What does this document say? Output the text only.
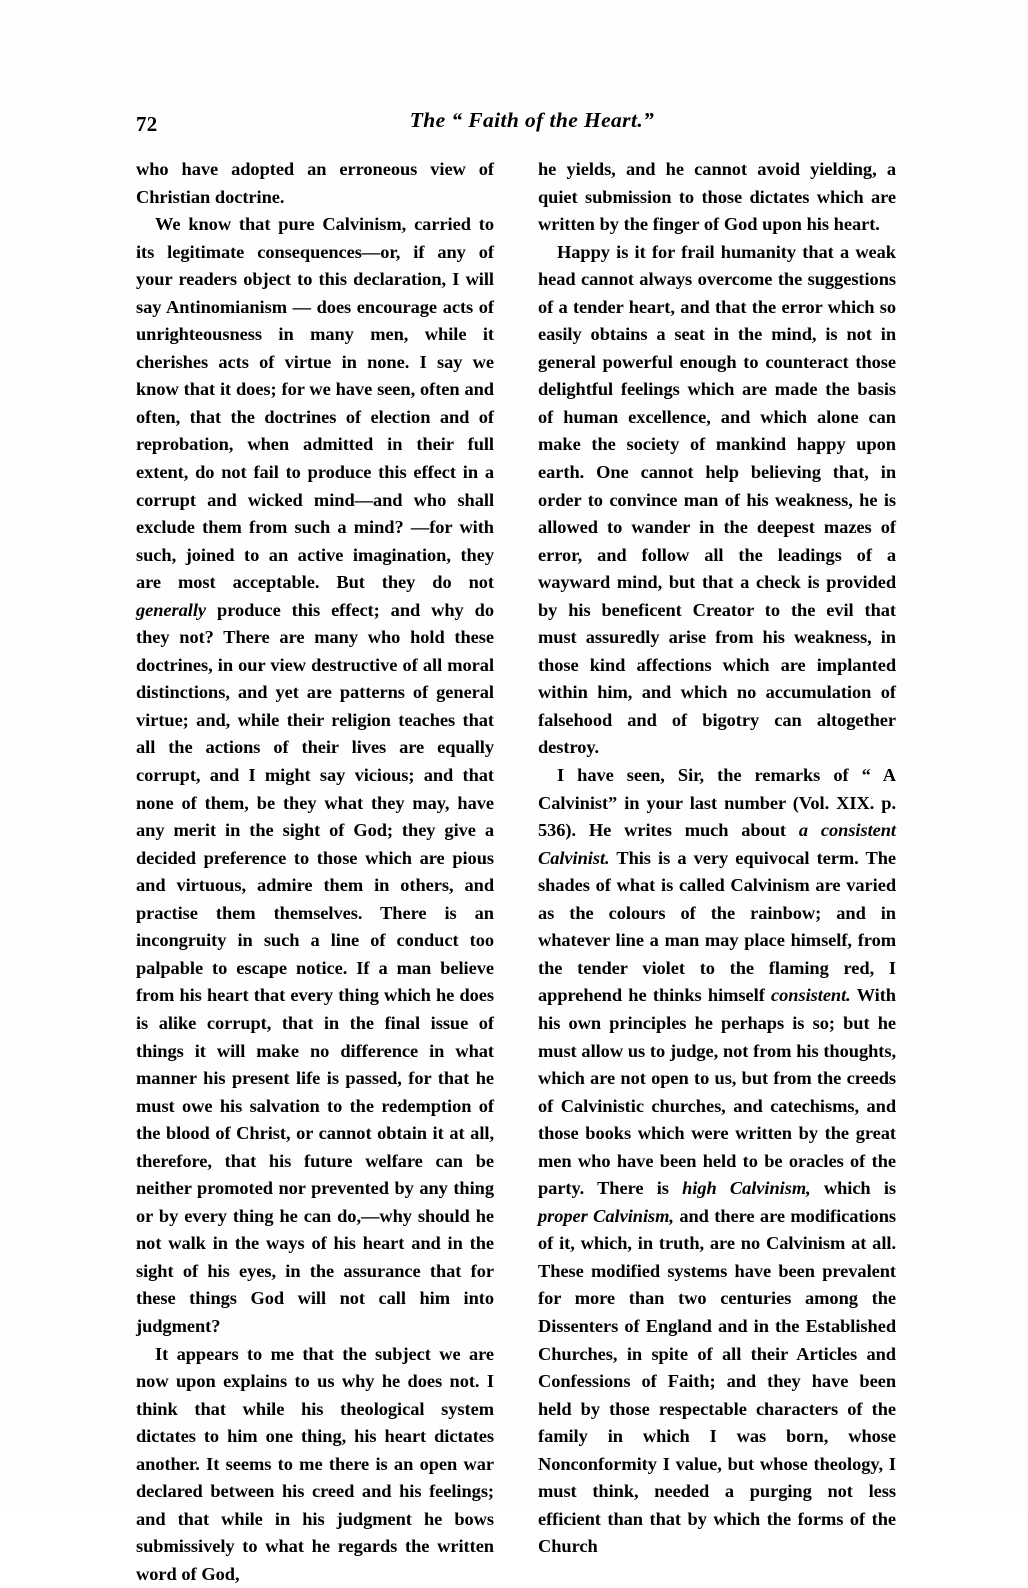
72	The “ Faith of the Heart.”

who have adopted an erroneous view of Christian doctrine.

We know that pure Calvinism, carried to its legitimate consequences—or, if any of your readers object to this declaration, I will say Antinomianism — does encourage acts of unrighteousness in many men, while it cherishes acts of virtue in none. I say we know that it does; for we have seen, often and often, that the doctrines of election and of reprobation, when admitted in their full extent, do not fail to produce this effect in a corrupt and wicked mind—and who shall exclude them from such a mind? —for with such, joined to an active imagination, they are most acceptable. But they do not generally produce this effect; and why do they not? There are many who hold these doctrines, in our view destructive of all moral distinctions, and yet are patterns of general virtue; and, while their religion teaches that all the actions of their lives are equally corrupt, and I might say vicious; and that none of them, be they what they may, have any merit in the sight of God; they give a decided preference to those which are pious and virtuous, admire them in others, and practise them themselves. There is an incongruity in such a line of conduct too palpable to escape notice. If a man believe from his heart that every thing which he does is alike corrupt, that in the final issue of things it will make no difference in what manner his present life is passed, for that he must owe his salvation to the redemption of the blood of Christ, or cannot obtain it at all, therefore, that his future welfare can be neither promoted nor prevented by any thing or by every thing he can do,—why should he not walk in the ways of his heart and in the sight of his eyes, in the assurance that for these things God will not call him into judgment?

It appears to me that the subject we are now upon explains to us why he does not. I think that while his theological system dictates to him one thing, his heart dictates another. It seems to me there is an open war declared between his creed and his feelings; and that while in his judgment he bows submissively to what he regards the written word of God,

he yields, and he cannot avoid yielding, a quiet submission to those dictates which are written by the finger of God upon his heart.

Happy is it for frail humanity that a weak head cannot always overcome the suggestions of a tender heart, and that the error which so easily obtains a seat in the mind, is not in general powerful enough to counteract those delightful feelings which are made the basis of human excellence, and which alone can make the society of mankind happy upon earth. One cannot help believing that, in order to convince man of his weakness, he is allowed to wander in the deepest mazes of error, and follow all the leadings of a wayward mind, but that a check is provided by his beneficent Creator to the evil that must assuredly arise from his weakness, in those kind affections which are implanted within him, and which no accumulation of falsehood and of bigotry can altogether destroy.

I have seen, Sir, the remarks of “ A Calvinist” in your last number (Vol. XIX. p. 536). He writes much about a consistent Calvinist. This is a very equivocal term. The shades of what is called Calvinism are varied as the colours of the rainbow; and in whatever line a man may place himself, from the tender violet to the flaming red, I apprehend he thinks himself consistent. With his own principles he perhaps is so; but he must allow us to judge, not from his thoughts, which are not open to us, but from the creeds of Calvinistic churches, and catechisms, and those books which were written by the great men who have been held to be oracles of the party. There is high Calvinism, which is proper Calvinism, and there are modifications of it, which, in truth, are no Calvinism at all. These modified systems have been prevalent for more than two centuries among the Dissenters of England and in the Established Churches, in spite of all their Articles and Confessions of Faith; and they have been held by those respectable characters of the family in which I was born, whose Nonconformity I value, but whose theology, I must think, needed a purging not less efficient than that by which the forms of the Church
